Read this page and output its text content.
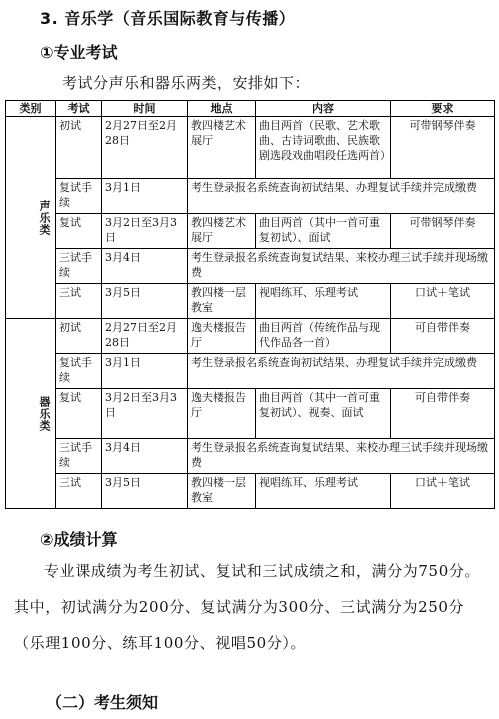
3. 音乐学（音乐国际教育与传播）
①专业考试
考试分声乐和器乐两类，安排如下：
类别	考试	时间	地点	内容	要求
声乐类	初试	2月27日至2月28日	教四楼艺术展厅	曲目两首（民歌、艺术歌曲、古诗词歌曲、民族歌剧选段戏曲唱段任选两首）	可带钢琴伴奏
	复试手续	3月1日	考生登录报名系统查询初试结果、办理复试手续并完成缴费		
	复试	3月2日至3月3日	教四楼艺术展厅	曲目两首（其中一首可重复初试）、面试	可带钢琴伴奏
	三试手续	3月4日	考生登录报名系统查询复试结果、来校办理三试手续并现场缴费		
	三试	3月5日	教四楼一层教室	视唱练耳、乐理考试	口试＋笔试
器乐类	初试	2月27日至2月28日	逸夫楼报告厅	曲目两首（传统作品与现代作品各一首）	可自带伴奏
	复试手续	3月1日	考生登录报名系统查询初试结果、办理复试手续并完成缴费		
	复试	3月2日至3月3日	逸夫楼报告厅	曲目两首（其中一首可重复初试）、视奏、面试	可自带伴奏
	三试手续	3月4日	考生登录报名系统查询复试结果、来校办理三试手续并现场缴费		
	三试	3月5日	教四楼一层教室	视唱练耳、乐理考试	口试＋笔试
②成绩计算
专业课成绩为考生初试、复试和三试成绩之和，满分为750分。其中，初试满分为200分、复试满分为300分、三试满分为250分（乐理100分、练耳100分、视唱50分）。
（二）考生须知
